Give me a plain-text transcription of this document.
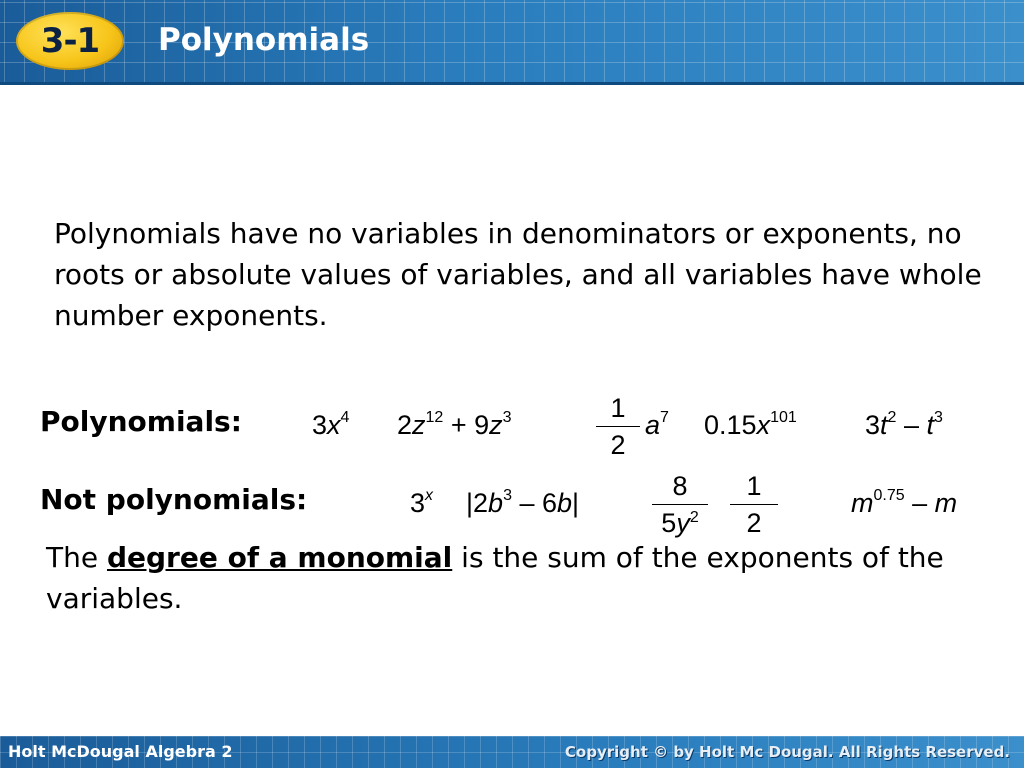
3-1	Polynomials
Polynomials have no variables in denominators or exponents, no roots or absolute values of variables, and all variables have whole number exponents.
Polynomials:	$3x^4$ $2z^{12} + 9z^3$	1
2
$a^7$ $0.15x^{101}$	$3t^2 - t^3$
Not polynomials:	3$^x$ $|2b^3 - 6b|$
8
$5y^2$
1
2
$m^{0.75}$ – m
The degree of a monomial is the sum of the exponents of the variables.
Holt McDougal Algebra 2	Copyright © by Holt Mc Dougal. All Rights Reserved.
